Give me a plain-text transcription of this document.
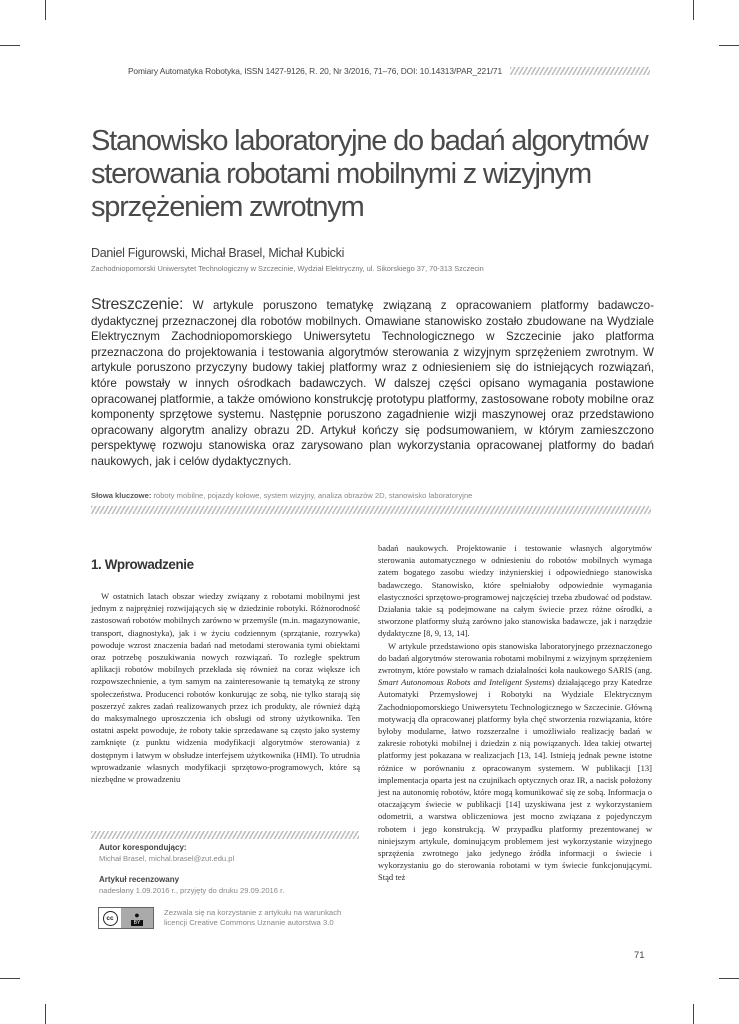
Pomiary Automatyka Robotyka, ISSN 1427-9126, R. 20, Nr 3/2016, 71–76, DOI: 10.14313/PAR_221/71
Stanowisko laboratoryjne do badań algorytmów sterowania robotami mobilnymi z wizyjnym sprzężeniem zwrotnym
Daniel Figurowski, Michał Brasel, Michał Kubicki
Zachodniopomorski Uniwersytet Technologiczny w Szczecinie, Wydział Elektryczny, ul. Sikorskiego 37, 70-313 Szczecin

Streszczenie: W artykule poruszono tematykę związaną z opracowaniem platformy badawczo-dydaktycznej przeznaczonej dla robotów mobilnych. Omawiane stanowisko zostało zbudowane na Wydziale Elektrycznym Zachodniopomorskiego Uniwersytetu Technologicznego w Szczecinie jako platforma przeznaczona do projektowania i testowania algorytmów sterowania z wizyjnym sprzężeniem zwrotnym. W artykule poruszono przyczyny budowy takiej platformy wraz z odniesieniem się do istniejących rozwiązań, które powstały w innych ośrodkach badawczych. W dalszej części opisano wymagania postawione opracowanej platformie, a także omówiono konstrukcję prototypu platformy, zastosowane roboty mobilne oraz komponenty sprzętowe systemu. Następnie poruszono zagadnienie wizji maszynowej oraz przedstawiono opracowany algorytm analizy obrazu 2D. Artykuł kończy się podsumowaniem, w którym zamieszczono perspektywę rozwoju stanowiska oraz zarysowano plan wykorzystania opracowanej platformy do badań naukowych, jak i celów dydaktycznych.

Słowa kluczowe: roboty mobilne, pojazdy kołowe, system wizyjny, analiza obrazów 2D, stanowisko laboratoryjne
1. Wprowadzenie

W ostatnich latach obszar wiedzy związany z robotami mobilnymi jest jednym z najprężniej rozwijających się w dziedzinie robotyki. Różnorodność zastosowań robotów mobilnych zarówno w przemyśle (m.in. magazynowanie, transport, diagnostyka), jak i w życiu codziennym (sprzątanie, rozrywka) powoduje wzrost znaczenia badań nad metodami sterowania tymi obiektami oraz potrzebę poszukiwania nowych rozwiązań. To rozległe spektrum aplikacji robotów mobilnych przekłada się również na coraz większe ich rozpowszechnienie, a tym samym na zainteresowanie tą tematyką ze strony społeczeństwa. Producenci robotów konkurując ze sobą, nie tylko starają się poszerzyć zakres zadań realizowanych przez ich produkty, ale również dążą do maksymalnego uproszczenia ich obsługi od strony użytkownika. Ten ostatni aspekt powoduje, że roboty takie sprzedawane są często jako systemy zamknięte (z punktu widzenia modyfikacji algorytmów sterowania) z dostępnym i łatwym w obsłudze interfejsem użytkownika (HMI). To utrudnia wprowadzanie własnych modyfikacji sprzętowo-programowych, które są niezbędne w prowadzeniu

badań naukowych. Projektowanie i testowanie własnych algorytmów sterowania automatycznego w odniesieniu do robotów mobilnych wymaga zatem bogatego zasobu wiedzy inżynierskiej i odpowiedniego stanowiska badawczego. Stanowisko, które spełniałoby odpowiednie wymagania elastyczności sprzętowo-programowej najczęściej trzeba zbudować od podstaw. Działania takie są podejmowane na całym świecie przez różne ośrodki, a stworzone platformy służą zarówno jako stanowiska badawcze, jak i narzędzie dydaktyczne [8, 9, 13, 14].

W artykule przedstawiono opis stanowiska laboratoryjnego przeznaczonego do badań algorytmów sterowania robotami mobilnymi z wizyjnym sprzężeniem zwrotnym, które powstało w ramach działalności koła naukowego SARIS (ang. Smart Autonomous Robots and Inteligent Systems) działającego przy Katedrze Automatyki Przemysłowej i Robotyki na Wydziale Elektrycznym Zachodniopomorskiego Uniwersytetu Technologicznego w Szczecinie. Główną motywacją dla opracowanej platformy była chęć stworzenia rozwiązania, które byłoby modularne, łatwo rozszerzalne i umożliwiało realizację badań w zakresie robotyki mobilnej i dziedzin z nią powiązanych. Idea takiej otwartej platformy jest pokazana w realizacjach [13, 14]. Istnieją jednak pewne istotne różnice w porównaniu z opracowanym systemem. W publikacji [13] implementacja oparta jest na czujnikach optycznych oraz IR, a nacisk położony jest na autonomię robotów, które mogą komunikować się ze sobą. Informacja o otaczającym świecie w publikacji [14] uzyskiwana jest z wykorzystaniem odometrii, a warstwa obliczeniowa jest mocno związana z pojedynczym robotem i jego konstrukcją. W przypadku platformy prezentowanej w niniejszym artykule, dominującym problemem jest wykorzystanie wizyjnego sprzężenia zwrotnego jako jedynego źródła informacji o świecie i wykorzystaniu go do sterowania robotami w tym świecie funkcjonującymi. Stąd też

Autor korespondujący:
Michał Brasel, michal.brasel@zut.edu.pl
Artykuł recenzowany
nadesłany 1.09.2016 r., przyjęty do druku 29.09.2016 r.
cc	●
BY
Zezwala się na korzystanie z artykułu na warunkach licencji Creative Commons Uznanie autorstwa 3.0
71
